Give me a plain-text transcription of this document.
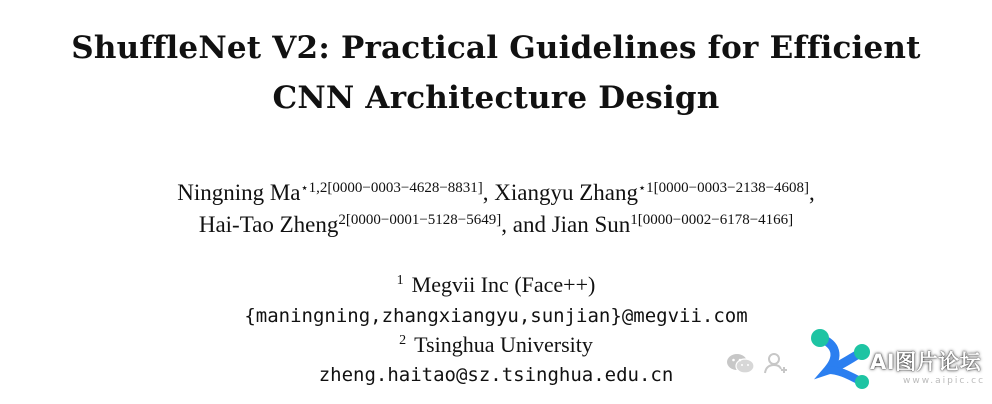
ShuffleNet V2: Practical Guidelines for Efficient
CNN Architecture Design
Ningning $Ma^{⋆1,2[0000-0003-4628-8831]}$, Xiangyu Zhang$^{⋆1[0000-0003-2138-4608]}$,
Hai-Tao Zheng$^{2[0000-0001-5128-5649]}$, and Jian Sun$^{1[0000-0002-6178-4166]}$
$^1$ Megvii Inc (Face++)
{maningning,zhangxiangyu,sunjian}@megvii.com
$^2$ Tsinghua University
zheng.haitao@sz.tsinghua.edu.cn
AI图片论坛
www.aipic.cc
